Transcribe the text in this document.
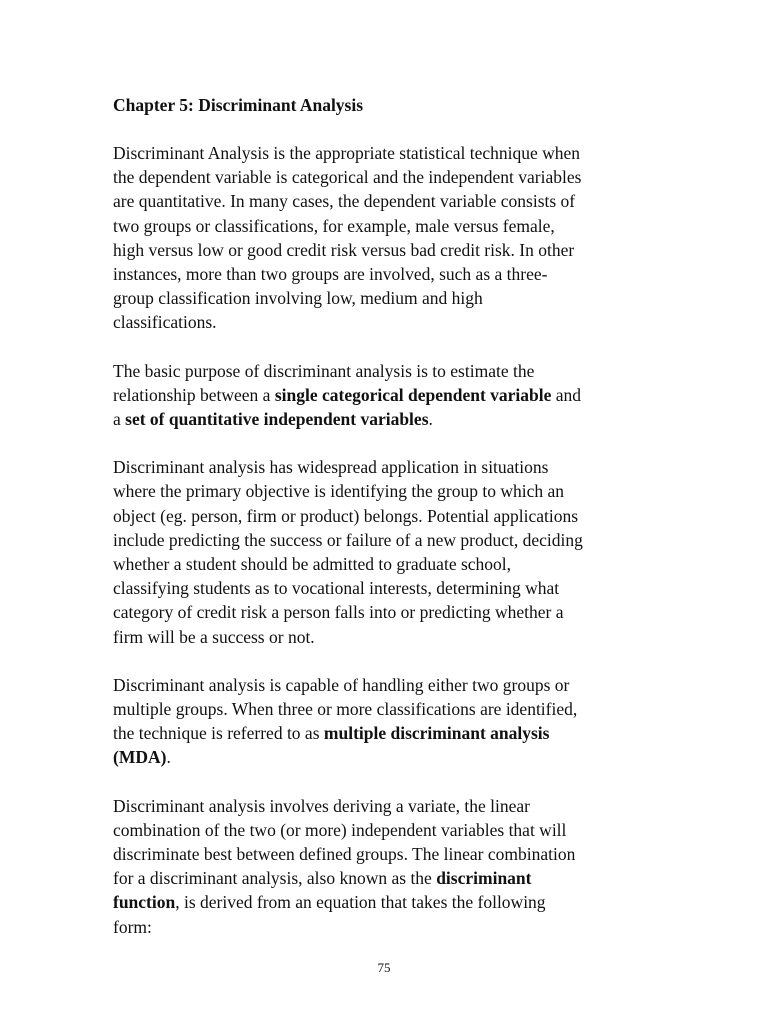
Chapter 5: Discriminant Analysis
Discriminant Analysis is the appropriate statistical technique when
the dependent variable is categorical and the independent variables
are quantitative. In many cases, the dependent variable consists of
two groups or classifications, for example, male versus female,
high versus low or good credit risk versus bad credit risk. In other
instances, more than two groups are involved, such as a three-
group classification involving low, medium and high
classifications.
The basic purpose of discriminant analysis is to estimate the
relationship between a single categorical dependent variable and
a set of quantitative independent variables.
Discriminant analysis has widespread application in situations
where the primary objective is identifying the group to which an
object (eg. person, firm or product) belongs. Potential applications
include predicting the success or failure of a new product, deciding
whether a student should be admitted to graduate school,
classifying students as to vocational interests, determining what
category of credit risk a person falls into or predicting whether a
firm will be a success or not.
Discriminant analysis is capable of handling either two groups or
multiple groups. When three or more classifications are identified,
the technique is referred to as multiple discriminant analysis
(MDA).
Discriminant analysis involves deriving a variate, the linear
combination of the two (or more) independent variables that will
discriminate best between defined groups. The linear combination
for a discriminant analysis, also known as the discriminant
function, is derived from an equation that takes the following
form:
75
